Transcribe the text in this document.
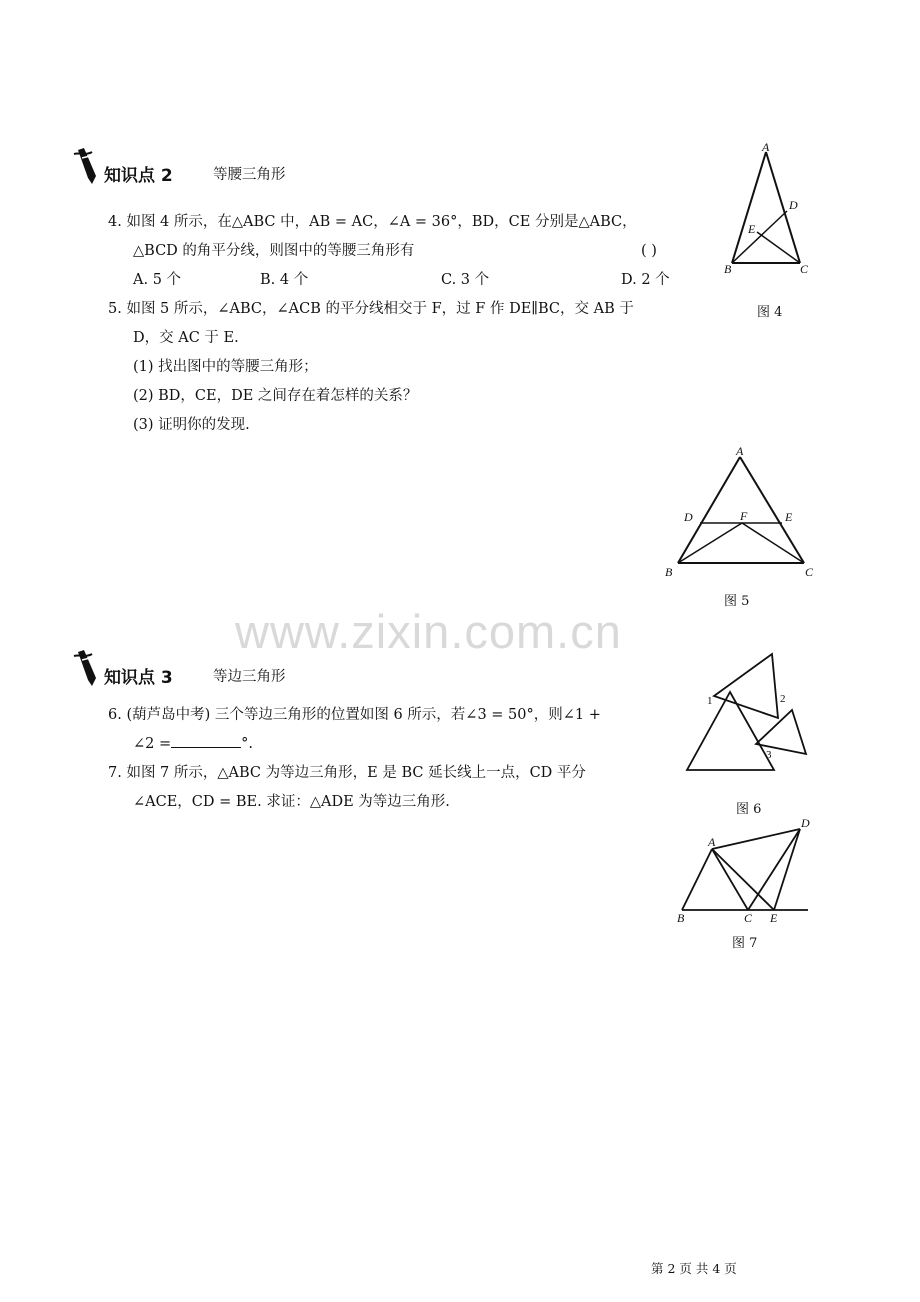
www.zixin.com.cn
知识点 2	等腰三角形
4. 如图 4 所示，在△ABC 中，AB = AC，∠A = 36°，BD，CE 分别是△ABC，
△BCD 的角平分线，则图中的等腰三角形有	( )
A. 5 个	B. 4 个	C. 3 个	D. 2 个
5. 如图 5 所示，∠ABC，∠ACB 的平分线相交于 F，过 F 作 DE∥BC，交 AB 于
D，交 AC 于 E.
(1) 找出图中的等腰三角形；
(2) BD，CE，DE 之间存在着怎样的关系？
(3) 证明你的发现.
A
D
E
B	C
图 4
A
D	F	E
B	C
图 5
知识点 3	等边三角形
6. (葫芦岛中考) 三个等边三角形的位置如图 6 所示，若∠3 = 50°，则∠1 +
∠2 =	°.
7. 如图 7 所示，△ABC 为等边三角形，E 是 BC 延长线上一点，CD 平分
∠ACE，CD = BE. 求证：△ADE 为等边三角形.
1	2
3
图 6
A
D
B	C E
图 7
第 2 页 共 4 页
